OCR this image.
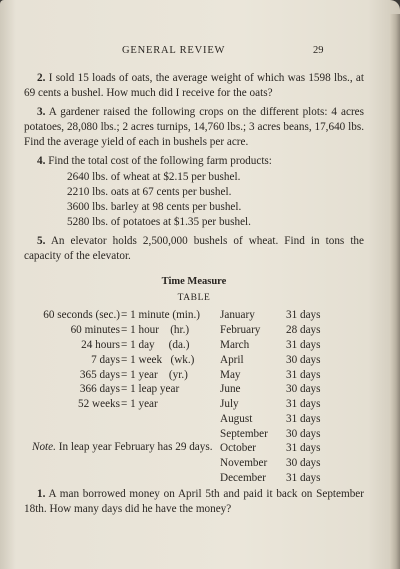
GENERAL REVIEW	29

2. I sold 15 loads of oats, the average weight of which was 1598 lbs., at 69 cents a bushel. How much did I receive for the oats?

3. A gardener raised the following crops on the different plots: 4 acres potatoes, 28,080 lbs.; 2 acres turnips, 14,760 lbs.; 3 acres beans, 17,640 lbs. Find the average yield of each in bushels per acre.

4. Find the total cost of the following farm products:

2640 lbs. of wheat at $2.15 per bushel.
2210 lbs. oats at 67 cents per bushel.
3600 lbs. barley at 98 cents per bushel.
5280 lbs. of potatoes at $1.35 per bushel.

5. An elevator holds 2,500,000 bushels of wheat. Find in tons the capacity of the elevator.

Time Measure
TABLE
60 seconds (sec.)
60 minutes
24 hours
7 days
365 days
366 days
52 weeks
= 1 minute (min.)
= 1 hour    (hr.)
= 1 day     (da.)
= 1 week   (wk.)
= 1 year    (yr.)
= 1 leap year
= 1 year
January
February
March
April
May
June
July
August
September
October
November
December
31 days
28 days
31 days
30 days
31 days
30 days
31 days
31 days
30 days
31 days
30 days
31 days

Note. In leap year February has 29 days.

1. A man borrowed money on April 5th and paid it back on September 18th. How many days did he have the money?
